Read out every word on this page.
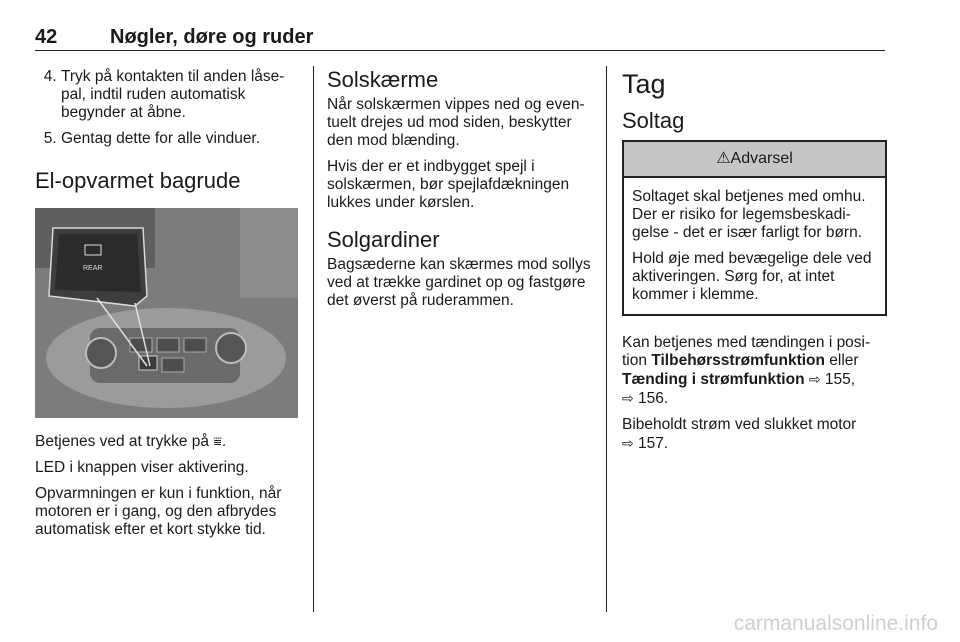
42	Nøgler, døre og ruder
4. Tryk på kontakten til anden låse-pal, indtil ruden automatisk begynder at åbne.
5. Gentag dette for alle vinduer.
El-opvarmet bagrude
REAR

Betjenes ved at trykke på ⩸.

LED i knappen viser aktivering.

Opvarmningen er kun i funktion, når motoren er i gang, og den afbrydes automatisk efter et kort stykke tid.

Solskærme

Når solskærmen vippes ned og even-tuelt drejes ud mod siden, beskytter den mod blænding.

Hvis der er et indbygget spejl i solskærmen, bør spejlafdækningen lukkes under kørslen.

Solgardiner

Bagsæderne kan skærmes mod sollys ved at trække gardinet op og fastgøre det øverst på ruderammen.

Tag
Soltag
⚠Advarsel

Soltaget skal betjenes med omhu. Der er risiko for legemsbeskadi-gelse - det er især farligt for børn.

Hold øje med bevægelige dele ved aktiveringen. Sørg for, at intet kommer i klemme.

Kan betjenes med tændingen i posi-tion Tilbehørsstrømfunktion eller
Tænding i strømfunktion ⇨ 155,
⇨ 156.

Bibeholdt strøm ved slukket motor
⇨ 157.

carmanualsonline.info
